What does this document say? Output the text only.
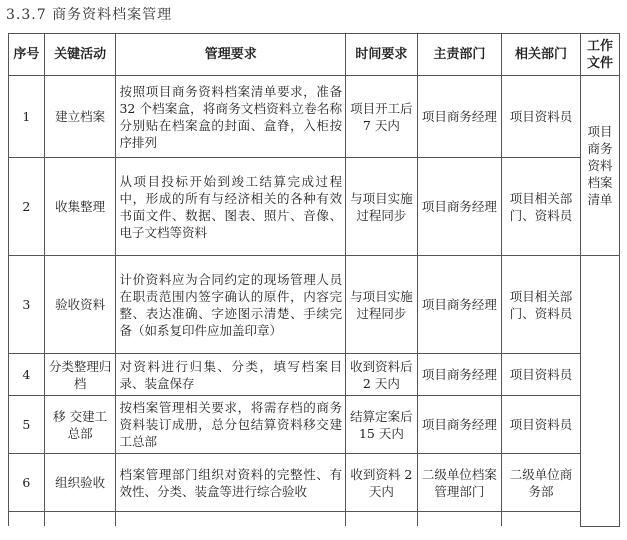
3.3.7 商务资料档案管理
序号	关键活动	管理要求	时间要求	主责部门	相关部门	工作文件
1	建立档案	按照项目商务资料档案清单要求，准备 32 个档案盒，将商务文档资料立卷名称分别贴在档案盒的封面、盒脊，入柜按序排列	项目开工后 7 天内	项目商务经理	项目资料员	项目商务资料档案清单
2	收集整理	从项目投标开始到竣工结算完成过程中，形成的所有与经济相关的各种有效书面文件、数据、图表、照片、音像、电子文档等资料	与项目实施过程同步	项目商务经理	项目相关部门、资料员	
3	验收资料	计价资料应为合同约定的现场管理人员在职责范围内签字确认的原件，内容完整、表达准确、字迹图示清楚、手续完备（如系复印件应加盖印章）	与项目实施过程同步	项目商务经理	项目相关部门、资料员	
4	分类整理归档	对资料进行归集、分类，填写档案目录、装盒保存	收到资料后 2 天内	项目商务经理	项目资料员	
5	移 交建工总部	按档案管理相关要求，将需存档的商务资料装订成册，总分包结算资料移交建工总部	结算定案后15 天内	项目商务经理	项目资料员	
6	组织验收	档案管理部门组织对资料的完整性、有效性、分类、装盒等进行综合验收	收到资料 2 天内	二级单位档案管理部门	二级单位商务部	
